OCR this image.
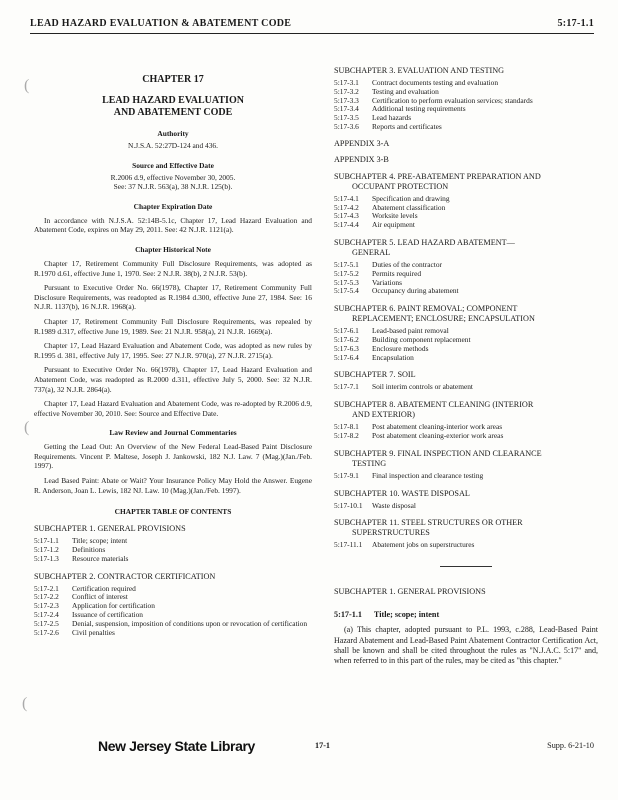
LEAD HAZARD EVALUATION & ABATEMENT CODE	5:17-1.1
(
(
(
CHAPTER 17
LEAD HAZARD EVALUATION
AND ABATEMENT CODE
Authority
N.J.S.A. 52:27D-124 and 436.
Source and Effective Date
R.2006 d.9, effective November 30, 2005.
See: 37 N.J.R. 563(a), 38 N.J.R. 125(b).
Chapter Expiration Date
In accordance with N.J.S.A. 52:14B-5.1c, Chapter 17, Lead Hazard Evaluation and Abatement Code, expires on May 29, 2011. See: 42 N.J.R. 1121(a).
Chapter Historical Note
Chapter 17, Retirement Community Full Disclosure Requirements, was adopted as R.1970 d.61, effective June 1, 1970. See: 2 N.J.R. 38(b), 2 N.J.R. 53(b).
Pursuant to Executive Order No. 66(1978), Chapter 17, Retirement Community Full Disclosure Requirements, was readopted as R.1984 d.300, effective June 27, 1984. See: 16 N.J.R. 1137(b), 16 N.J.R. 1968(a).
Chapter 17, Retirement Community Full Disclosure Requirements, was repealed by R.1989 d.317, effective June 19, 1989. See: 21 N.J.R. 958(a), 21 N.J.R. 1669(a).
Chapter 17, Lead Hazard Evaluation and Abatement Code, was adopted as new rules by R.1995 d. 381, effective July 17, 1995. See: 27 N.J.R. 970(a), 27 N.J.R. 2715(a).
Pursuant to Executive Order No. 66(1978), Chapter 17, Lead Hazard Evaluation and Abatement Code, was readopted as R.2000 d.311, effective July 5, 2000. See: 32 N.J.R. 737(a), 32 N.J.R. 2864(a).
Chapter 17, Lead Hazard Evaluation and Abatement Code, was re-adopted by R.2006 d.9, effective November 30, 2010. See: Source and Effective Date.
Law Review and Journal Commentaries
Getting the Lead Out: An Overview of the New Federal Lead-Based Paint Disclosure Requirements. Vincent P. Maltese, Joseph J. Jankowski, 182 N.J. Law. 7 (Mag.)(Jan./Feb. 1997).
Lead Based Paint: Abate or Wait? Your Insurance Policy May Hold the Answer. Eugene R. Anderson, Joan L. Lewis, 182 NJ. Law. 10 (Mag.)(Jan./Feb. 1997).
CHAPTER TABLE OF CONTENTS
SUBCHAPTER 1. GENERAL PROVISIONS
5:17-1.1	Title; scope; intent
5:17-1.2	Definitions
5:17-1.3	Resource materials
SUBCHAPTER 2. CONTRACTOR CERTIFICATION
5:17-2.1	Certification required
5:17-2.2	Conflict of interest
5:17-2.3	Application for certification
5:17-2.4	Issuance of certification
5:17-2.5	Denial, suspension, imposition of conditions upon or revocation of certification
5:17-2.6	Civil penalties
SUBCHAPTER 3. EVALUATION AND TESTING
5:17-3.1	Contract documents testing and evaluation
5:17-3.2	Testing and evaluation
5:17-3.3	Certification to perform evaluation services; standards
5:17-3.4	Additional testing requirements
5:17-3.5	Lead hazards
5:17-3.6	Reports and certificates
APPENDIX 3-A
APPENDIX 3-B
SUBCHAPTER 4. PRE-ABATEMENT PREPARATION AND
OCCUPANT PROTECTION
5:17-4.1	Specification and drawing
5:17-4.2	Abatement classification
5:17-4.3	Worksite levels
5:17-4.4	Air equipment
SUBCHAPTER 5. LEAD HAZARD ABATEMENT—
GENERAL
5:17-5.1	Duties of the contractor
5:17-5.2	Permits required
5:17-5.3	Variations
5:17-5.4	Occupancy during abatement
SUBCHAPTER 6. PAINT REMOVAL; COMPONENT
REPLACEMENT; ENCLOSURE; ENCAPSULATION
5:17-6.1	Lead-based paint removal
5:17-6.2	Building component replacement
5:17-6.3	Enclosure methods
5:17-6.4	Encapsulation
SUBCHAPTER 7. SOIL
5:17-7.1	Soil interim controls or abatement
SUBCHAPTER 8. ABATEMENT CLEANING (INTERIOR
AND EXTERIOR)
5:17-8.1	Post abatement cleaning-interior work areas
5:17-8.2	Post abatement cleaning-exterior work areas
SUBCHAPTER 9. FINAL INSPECTION AND CLEARANCE
TESTING
5:17-9.1	Final inspection and clearance testing
SUBCHAPTER 10. WASTE DISPOSAL
5:17-10.1	Waste disposal
SUBCHAPTER 11. STEEL STRUCTURES OR OTHER
SUPERSTRUCTURES
5:17-11.1	Abatement jobs on superstructures
SUBCHAPTER 1. GENERAL PROVISIONS
5:17-1.1 Title; scope; intent
(a) This chapter, adopted pursuant to P.L. 1993, c.288, Lead-Based Paint Hazard Abatement and Lead-Based Paint Abatement Contractor Certification Act, shall be known and shall be cited throughout the rules as "N.J.A.C. 5:17" and, when referred to in this part of the rules, may be cited as "this chapter."
New Jersey State Library	17-1	Supp. 6-21-10
